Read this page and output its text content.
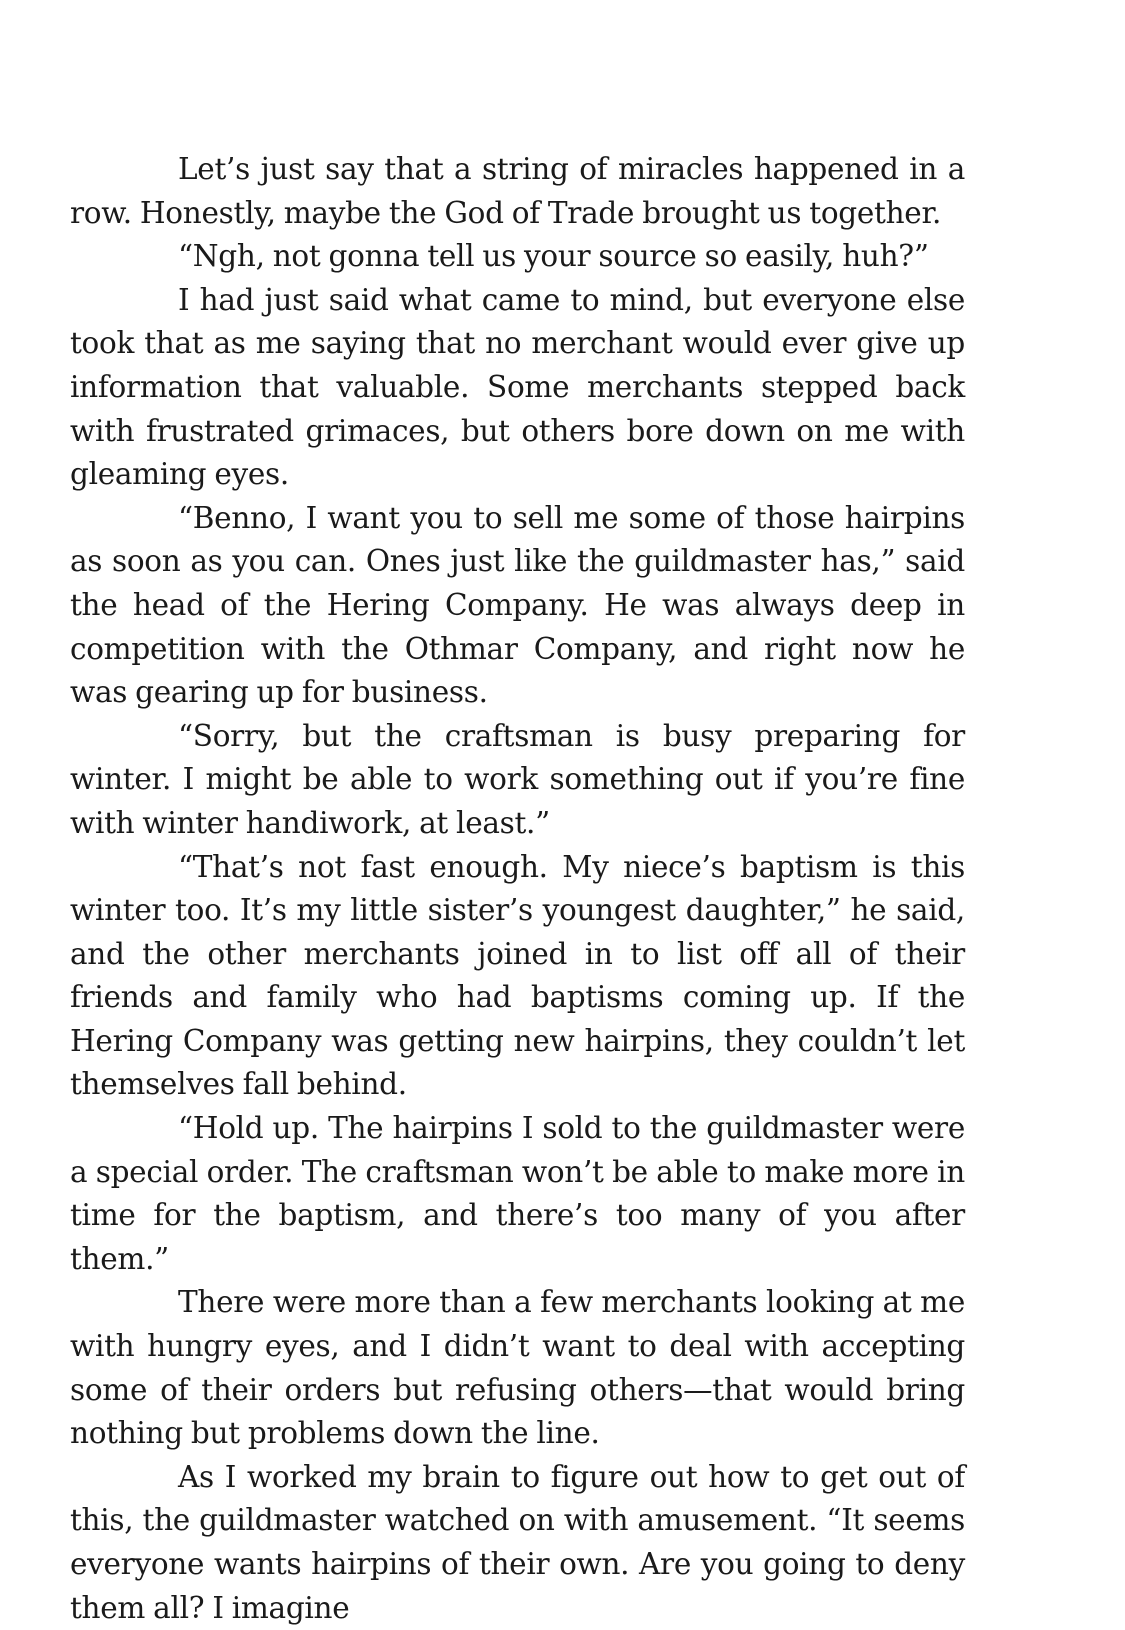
Let’s just say that a string of miracles happened in a row. Honestly, maybe the God of Trade brought us together.

“Ngh, not gonna tell us your source so easily, huh?”

I had just said what came to mind, but everyone else took that as me saying that no merchant would ever give up information that valuable. Some merchants stepped back with frustrated grimaces, but others bore down on me with gleaming eyes.

“Benno, I want you to sell me some of those hairpins as soon as you can. Ones just like the guildmaster has,” said the head of the Hering Company. He was always deep in competition with the Othmar Company, and right now he was gearing up for business.

“Sorry, but the craftsman is busy preparing for winter. I might be able to work something out if you’re fine with winter handiwork, at least.”

“That’s not fast enough. My niece’s baptism is this winter too. It’s my little sister’s youngest daughter,” he said, and the other merchants joined in to list off all of their friends and family who had baptisms coming up. If the Hering Company was getting new hairpins, they couldn’t let themselves fall behind.

“Hold up. The hairpins I sold to the guildmaster were a special order. The craftsman won’t be able to make more in time for the baptism, and there’s too many of you after them.”

There were more than a few merchants looking at me with hungry eyes, and I didn’t want to deal with accepting some of their orders but refusing others—that would bring nothing but problems down the line.

As I worked my brain to figure out how to get out of this, the guildmaster watched on with amusement. “It seems everyone wants hairpins of their own. Are you going to deny them all? I imagine
